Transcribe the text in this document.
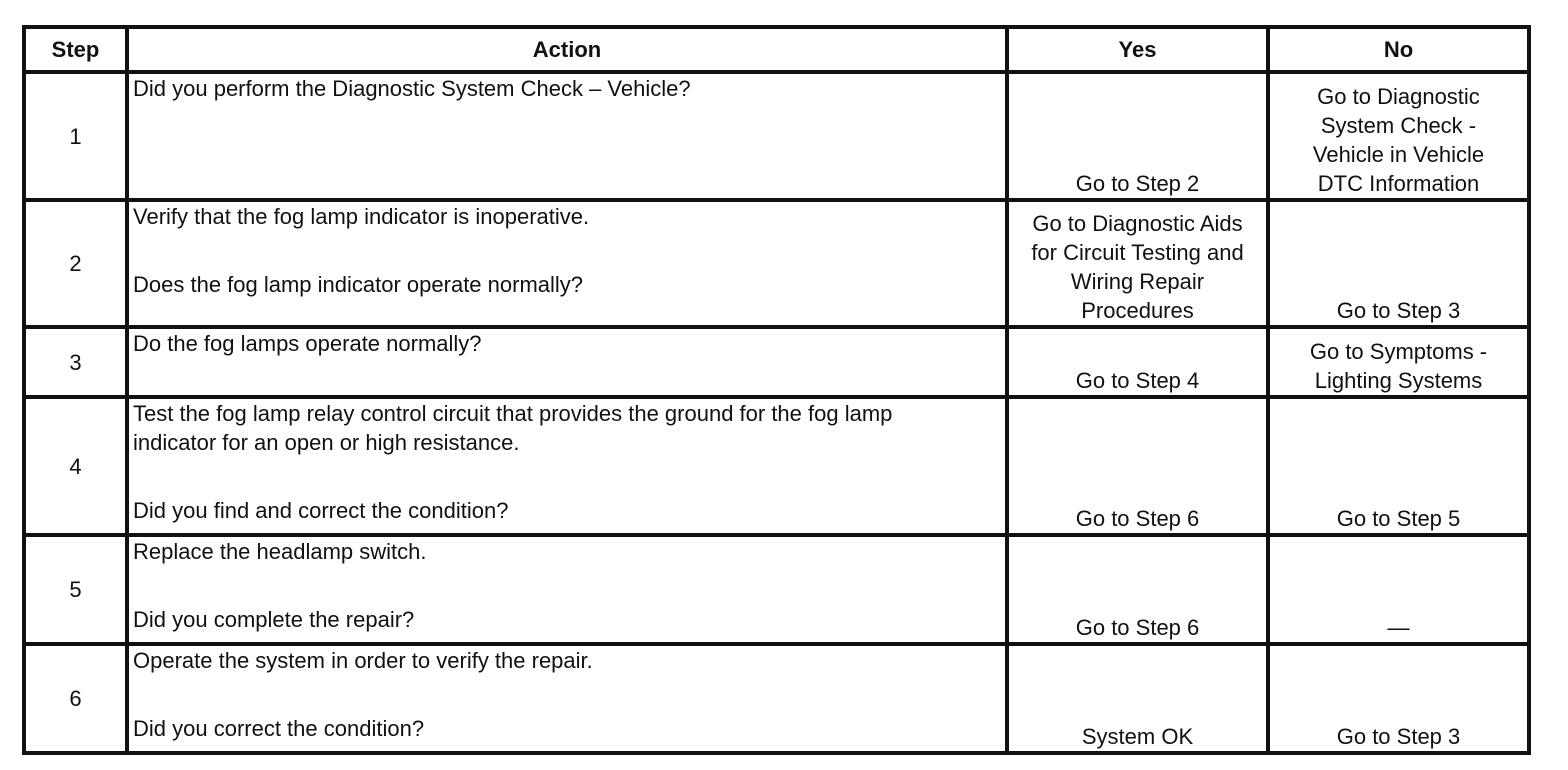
Step	Action	Yes	No
1	Did you perform the Diagnostic System Check – Vehicle?	Go to Step 2	Go to Diagnostic
System Check -
Vehicle in Vehicle
DTC Information

2	Verify that the fog lamp indicator is inoperative.
Does the fog lamp indicator operate normally?	Go to Diagnostic Aids
for Circuit Testing and
Wiring Repair
Procedures	Go to Step 3
3	Do the fog lamps operate normally?	Go to Step 4	Go to Symptoms -
Lighting Systems

4	Test the fog lamp relay control circuit that provides the ground for the fog lamp
indicator for an open or high resistance.
Did you find and correct the condition?	Go to Step 6	Go to Step 5
5	Replace the headlamp switch.
Did you complete the repair?	Go to Step 6	—
6	Operate the system in order to verify the repair.
Did you correct the condition?	System OK	Go to Step 3
